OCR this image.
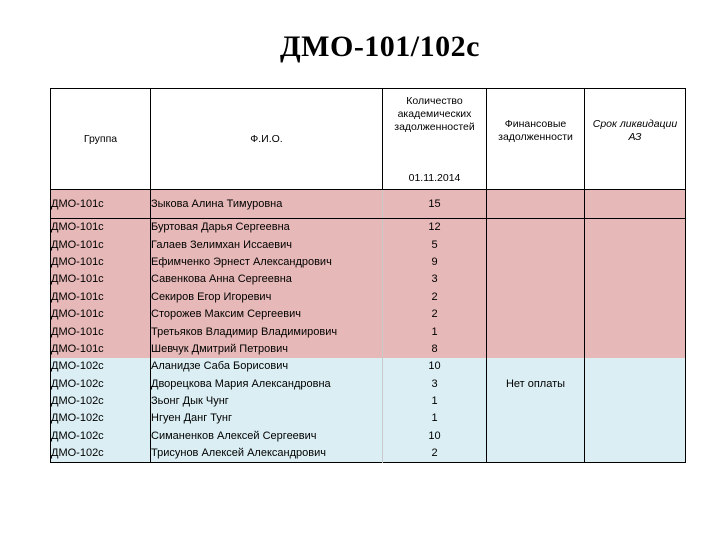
ДМО-101/102с
Группа	Ф.И.О.	Количество академических задолженностей	Финансовые задолженности	Срок ликвидации АЗ
		01.11.2014		
ДМО-101с	Зыкова Алина Тимуровна	15		
ДМО-101с	Буртовая Дарья Сергеевна	12		
ДМО-101с	Галаев Зелимхан Иссаевич	5		
ДМО-101с	Ефимченко Эрнест Александрович	9		
ДМО-101с	Савенкова Анна Сергеевна	3		
ДМО-101с	Секиров Егор Игоревич	2		
ДМО-101с	Сторожев Максим Сергеевич	2		
ДМО-101с	Третьяков Владимир Владимирович	1		
ДМО-101с	Шевчук Дмитрий Петрович	8		
ДМО-102с	Аланидзе Саба Борисович	10		
ДМО-102с	Дворецкова Мария Александровна	3	Нет оплаты	
ДМО-102с	Зьонг Дык Чунг	1		
ДМО-102с	Нгуен Данг Тунг	1		
ДМО-102с	Симаненков Алексей Сергеевич	10		
ДМО-102с	Трисунов Алексей Александрович	2		
